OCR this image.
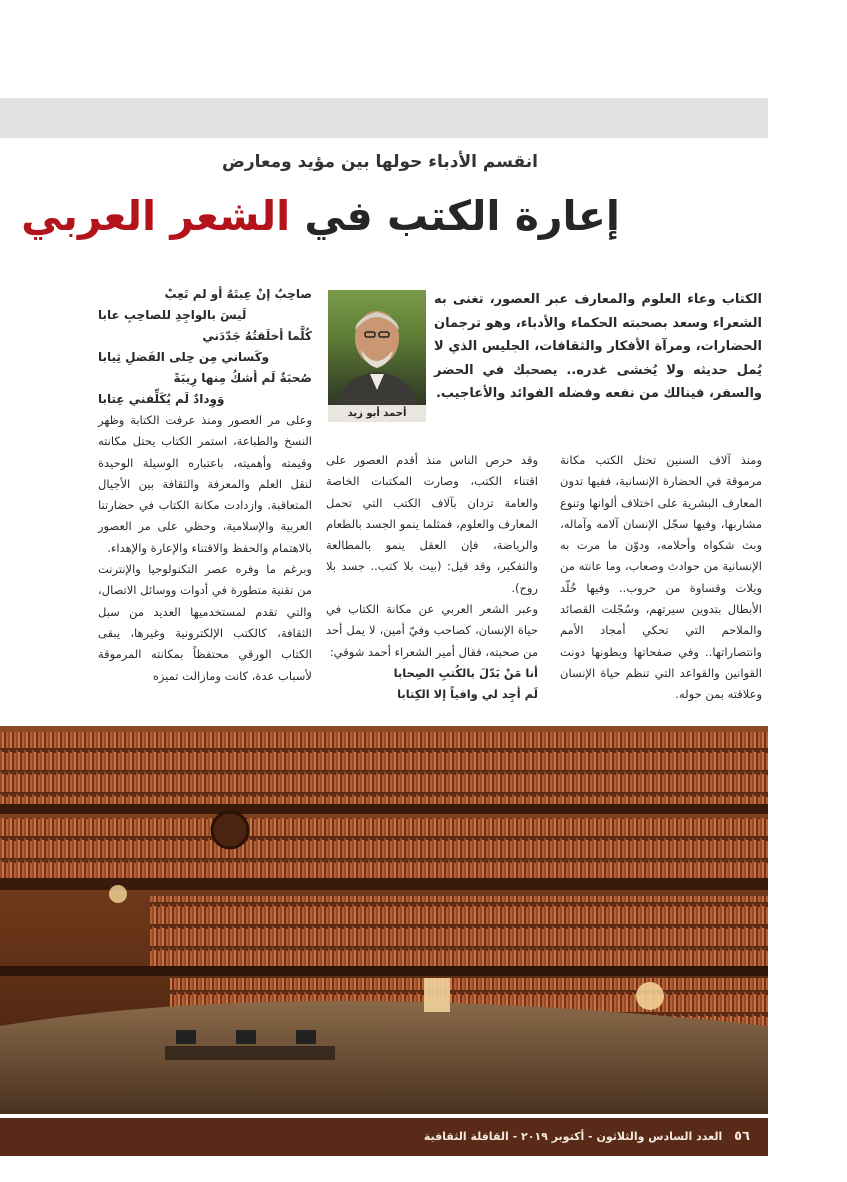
انقسم الأدباء حولها بين مؤيد ومعارض
إعارة الكتب في الشعر العربي
الكتاب وعاء العلوم والمعارف عبر العصور، تغنى به الشعراء وسعد بصحبته الحكماء والأدباء، وهو ترجمان الحضارات، ومرآة الأفكار والثقافات، الجليس الذي لا يُمل حديثه ولا يُخشى غدره.. يصحبك في الحضر والسفر، فينالك من نفعه وفضله الفوائد والأعاجيب.
أحمد أبو زيد

ومنذ آلاف السنين تحتل الكتب مكانة مرموقة في الحضارة الإنسانية، ففيها تدون المعارف البشرية على اختلاف ألوانها وتنوع مشاربها، وفيها سجّل الإنسان آلامه وآماله، وبث شكواه وأحلامه، ودوّن ما مرت به الإنسانية من حوادث وصعاب، وما عانته من ويلات وقساوة من حروب.. وفيها خُلّد الأبطال بتدوين سيرتهم، وسُجّلت القصائد والملاحم التي تحكي أمجاد الأمم وانتصاراتها.. وفي صفحاتها وبطونها دونت القوانين والقواعد التي تنظم حياة الإنسان وعلاقته بمن حوله.

وقد حرص الناس منذ أقدم العصور على اقتناء الكتب، وصارت المكتبات الخاصة والعامة تزدان بآلاف الكتب التي تحمل المعارف والعلوم، فمثلما ينمو الجسد بالطعام والرياضة، فإن العقل ينمو بالمطالعة والتفكير، وقد قيل: (بيت بلا كتب.. جسد بلا روح).

وعبر الشعر العربي عن مكانة الكتاب في حياة الإنسان، كصاحب وفيّ أمين، لا يمل أحد من صحبته، فقال أمير الشعراء أحمد شوقي:

أنا مَنْ بَدّلَ بالكُتبِ الصِحابا

لَم أجِد لي وافياً إلا الكِتابا

صاحِبٌ إنْ عِبتَهُ أو لم تَعِبْ
لَيسَ بالواجِدِ للصاحِبِ عابا
كُلَّما أخلَقتُهُ جَدّدَني
وكَساني مِن حِلى الفَضلِ ثِيابا
صُحبَةٌ لَم أشكُ مِنها رِيبَةً
وَوِدادٌ لَم يُكَلِّفني عِتابا

وعلى مر العصور ومنذ عرفت الكتابة وظهر النسخ والطباعة، استمر الكتاب يحتل مكانته وقيمته وأهميته، باعتباره الوسيلة الوحيدة لنقل العلم والمعرفة والثقافة بين الأجيال المتعاقبة. وازدادت مكانة الكتاب في حضارتنا العربية والإسلامية، وحظي على مر العصور بالاهتمام والحفظ والاقتناء والإعارة والإهداء.

وبرغم ما وفره عصر التكنولوجيا والإنترنت من تقنية متطورة في أدوات ووسائل الاتصال، والتي تقدم لمستخدميها العديد من سبل الثقافة، كالكتب الإلكترونية وغيرها، يبقى الكتاب الورقي محتفظاً بمكانته المرموقة لأسباب عدة، كانت ومازالت تميزه

٥٦ العدد السادس والثلاثون - أكتوبر ٢٠١٩ - القافلة الثقافية
